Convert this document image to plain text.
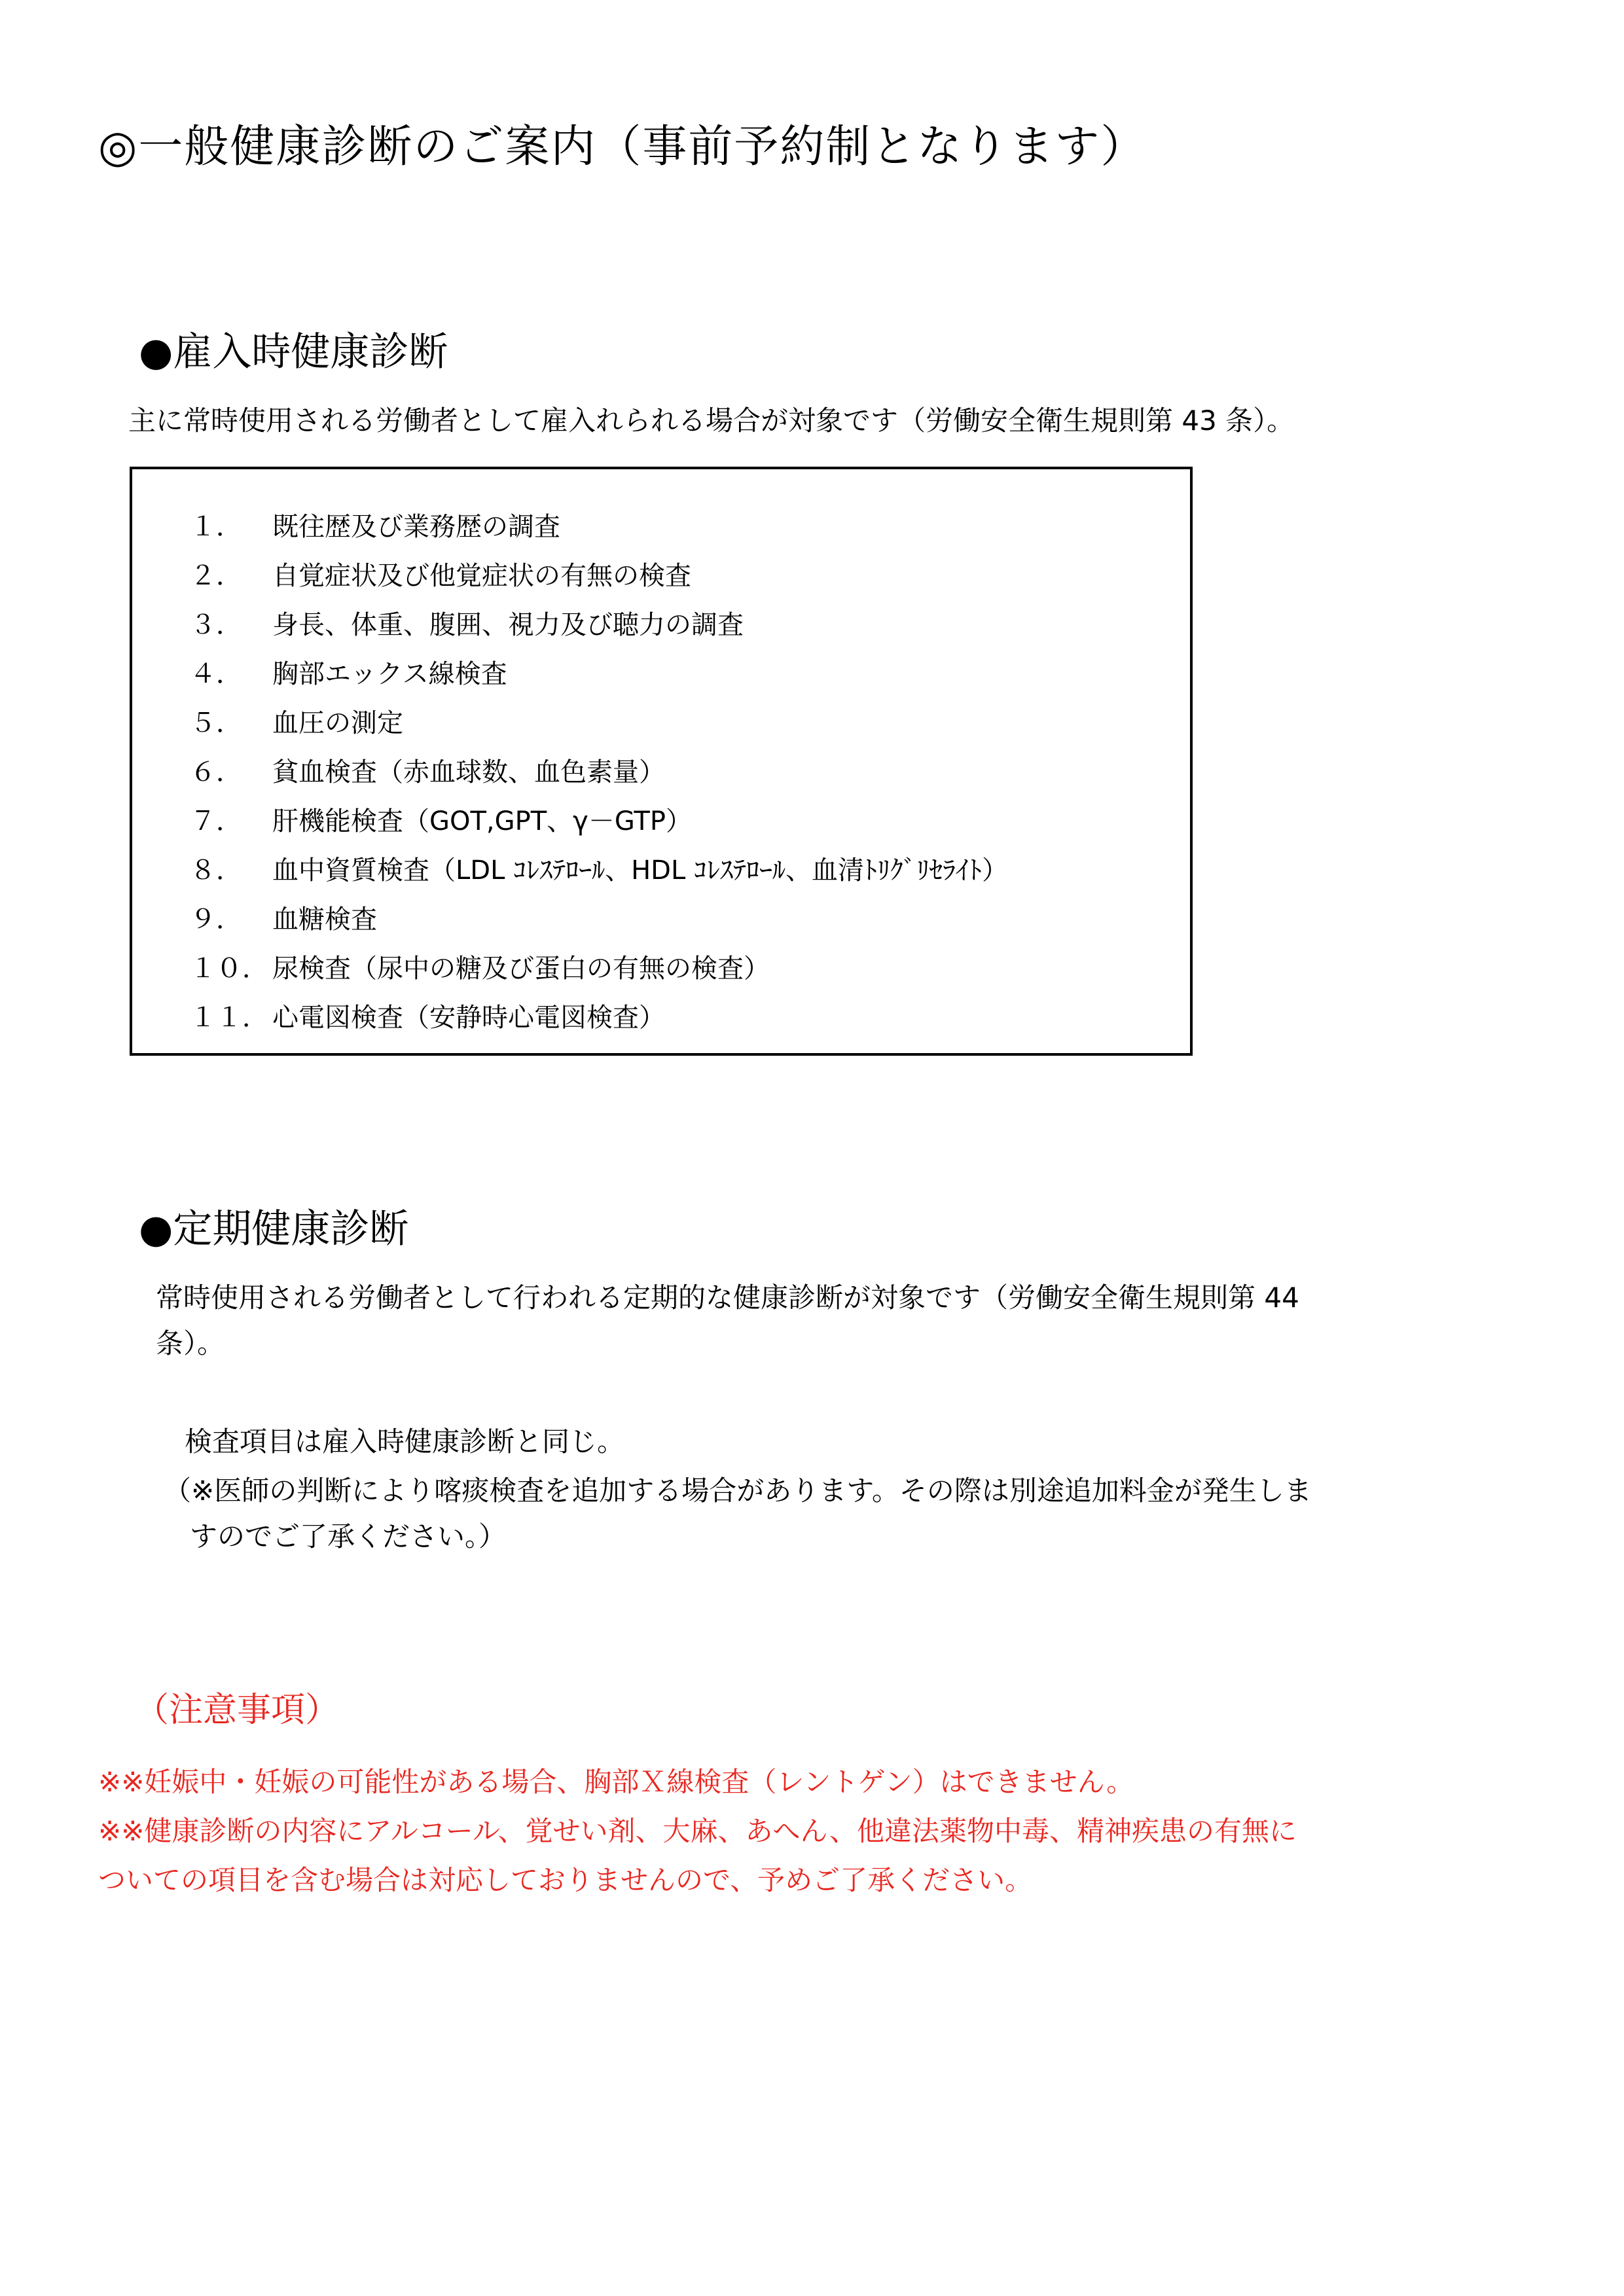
◎一般健康診断のご案内（事前予約制となります）
●雇入時健康診断
主に常時使用される労働者として雇入れられる場合が対象です（労働安全衛生規則第 43 条）。
１． 既往歴及び業務歴の調査
２． 自覚症状及び他覚症状の有無の検査
３． 身長、体重、腹囲、視力及び聴力の調査
４． 胸部エックス線検査
５． 血圧の測定
６． 貧血検査（赤血球数、血色素量）
７． 肝機能検査（GOT,GPT、γ－GTP）
８． 血中資質検査（LDL ｺﾚｽﾃﾛｰﾙ、HDL ｺﾚｽﾃﾛｰﾙ、血清ﾄﾘｸﾞﾘｾﾗｲﾄ）
９． 血糖検査
１０． 尿検査（尿中の糖及び蛋白の有無の検査）
１１． 心電図検査（安静時心電図検査）
●定期健康診断
常時使用される労働者として行われる定期的な健康診断が対象です（労働安全衛生規則第 44
条）。
検査項目は雇入時健康診断と同じ。
（※医師の判断により喀痰検査を追加する場合があります。その際は別途追加料金が発生しま
すのでご了承ください。）
（注意事項）
※※妊娠中・妊娠の可能性がある場合、胸部Ｘ線検査（レントゲン）はできません。
※※健康診断の内容にアルコール、覚せい剤、大麻、あへん、他違法薬物中毒、精神疾患の有無に
ついての項目を含む場合は対応しておりませんので、予めご了承ください。
